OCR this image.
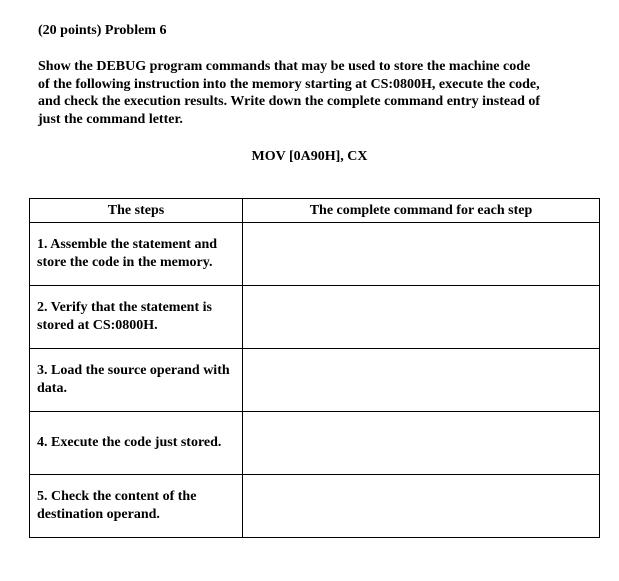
(20 points) Problem 6
Show the DEBUG program commands that may be used to store the machine code
of the following instruction into the memory starting at CS:0800H, execute the code,
and check the execution results. Write down the complete command entry instead of
just the command letter.
MOV [0A90H], CX
The steps	The complete command for each step
1. Assemble the statement and store the code in the memory.	
2. Verify that the statement is stored at CS:0800H.	
3. Load the source operand with data.	
4. Execute the code just stored.	
5. Check the content of the destination operand.	
